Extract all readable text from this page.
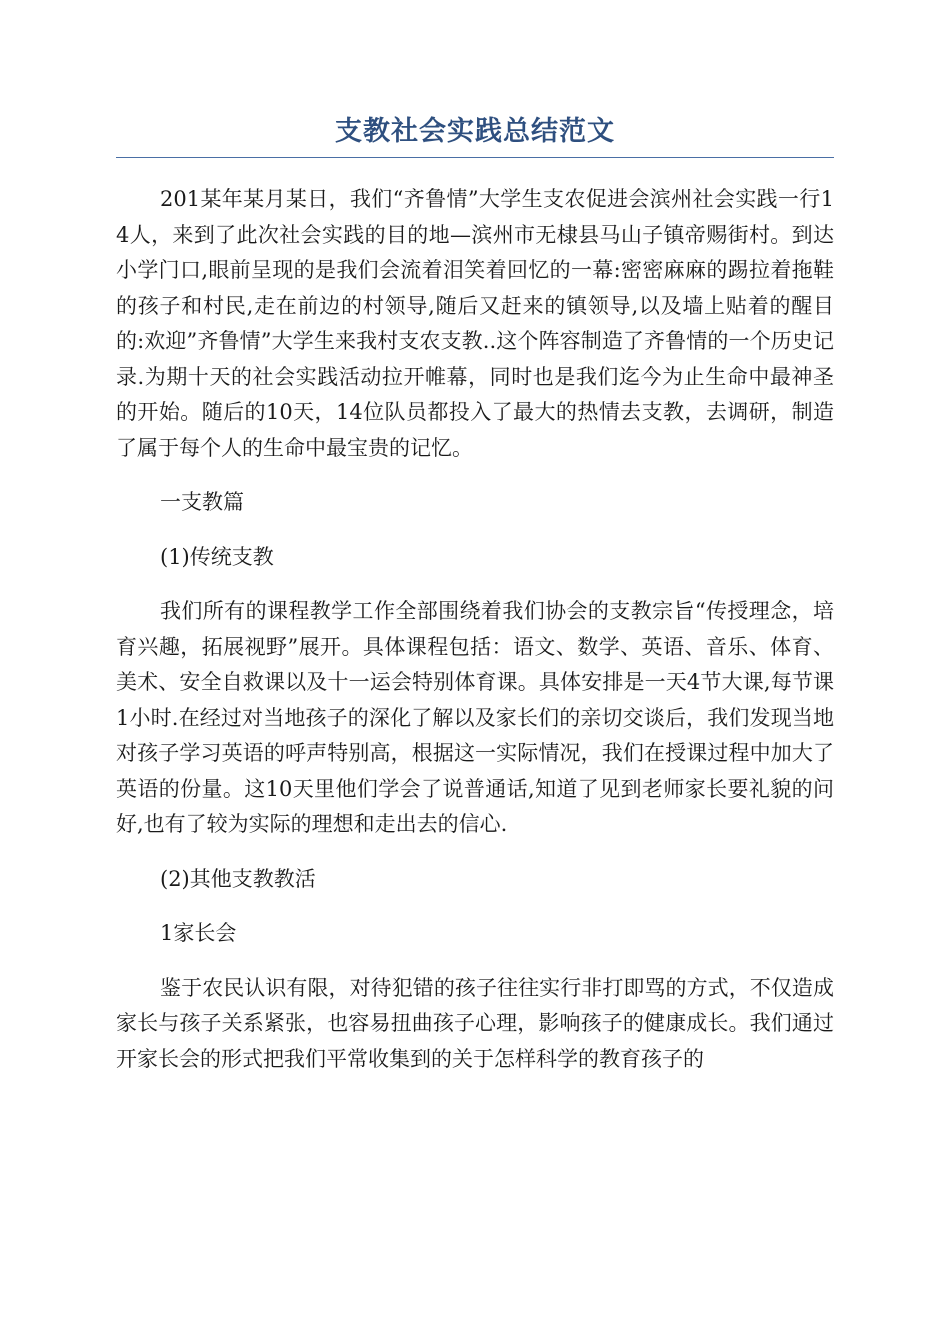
支教社会实践总结范文

201某年某月某日，我们“齐鲁情”大学生支农促进会滨州社会实践一行14人，来到了此次社会实践的目的地—滨州市无棣县马山子镇帝赐街村。到达小学门口,眼前呈现的是我们会流着泪笑着回忆的一幕:密密麻麻的踢拉着拖鞋的孩子和村民,走在前边的村领导,随后又赶来的镇领导,以及墙上贴着的醒目的:欢迎”齐鲁情”大学生来我村支农支教..这个阵容制造了齐鲁情的一个历史记录.为期十天的社会实践活动拉开帷幕，同时也是我们迄今为止生命中最神圣的开始。随后的10天，14位队员都投入了最大的热情去支教，去调研，制造了属于每个人的生命中最宝贵的记忆。

一支教篇

(1)传统支教

我们所有的课程教学工作全部围绕着我们协会的支教宗旨“传授理念，培育兴趣，拓展视野”展开。具体课程包括：语文、数学、英语、音乐、体育、美术、安全自救课以及十一运会特别体育课。具体安排是一天4节大课,每节课1小时.在经过对当地孩子的深化了解以及家长们的亲切交谈后，我们发现当地对孩子学习英语的呼声特别高，根据这一实际情况，我们在授课过程中加大了英语的份量。这10天里他们学会了说普通话,知道了见到老师家长要礼貌的问好,也有了较为实际的理想和走出去的信心.

(2)其他支教教活

1家长会

鉴于农民认识有限，对待犯错的孩子往往实行非打即骂的方式，不仅造成家长与孩子关系紧张，也容易扭曲孩子心理，影响孩子的健康成长。我们通过开家长会的形式把我们平常收集到的关于怎样科学的教育孩子的
